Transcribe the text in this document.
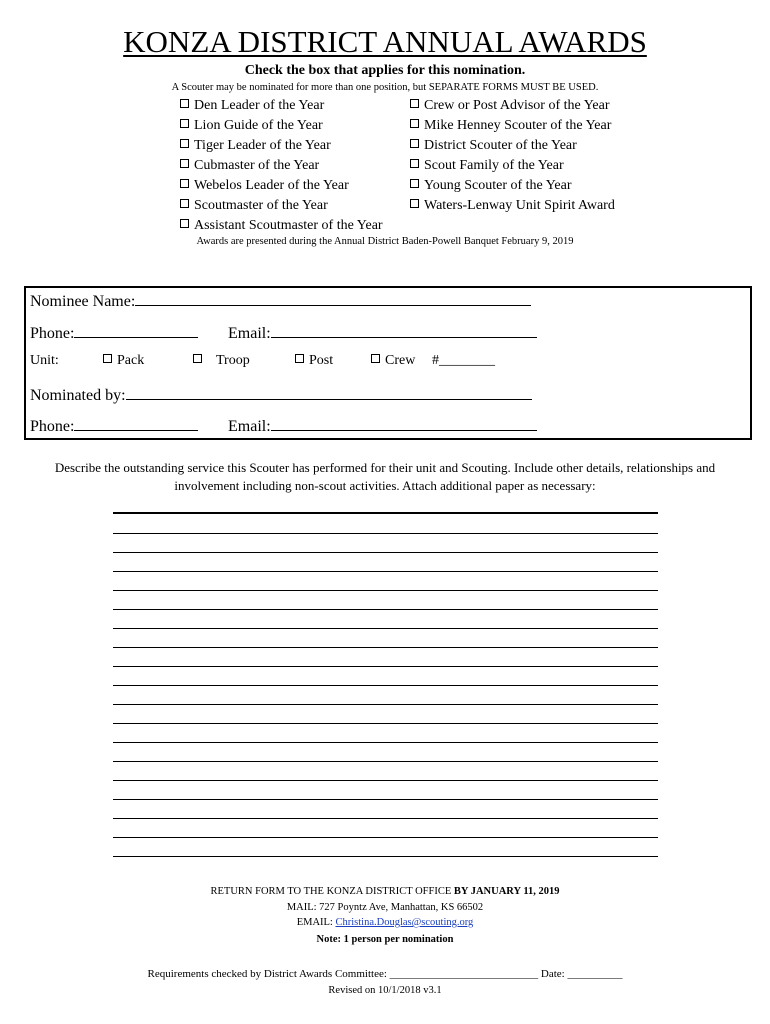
KONZA DISTRICT ANNUAL AWARDS
Check the box that applies for this nomination.
A Scouter may be nominated for more than one position, but SEPARATE FORMS MUST BE USED.
Den Leader of the Year
Lion Guide of the Year
Tiger Leader of the Year
Cubmaster of the Year
Webelos Leader of the Year
Scoutmaster of the Year
Assistant Scoutmaster of the Year
Crew or Post Advisor of the Year
Mike Henney Scouter of the Year
District Scouter of the Year
Scout Family of the Year
Young Scouter of the Year
Waters-Lenway Unit Spirit Award
Awards are presented during the Annual District Baden-Powell Banquet February 9, 2019
Nominee Name:
Phone:	Email:
Unit:	Pack	Troop	Post	Crew #________
Nominated by:
Phone:	Email:
Describe the outstanding service this Scouter has performed for their unit and Scouting. Include other details, relationships and involvement including non-scout activities. Attach additional paper as necessary:
RETURN FORM TO THE KONZA DISTRICT OFFICE BY JANUARY 11, 2019
MAIL: 727 Poyntz Ave, Manhattan, KS 66502
EMAIL: Christina.Douglas@scouting.org
Note: 1 person per nomination
Requirements checked by District Awards Committee: ___________________________ Date: __________
Revised on 10/1/2018 v3.1
